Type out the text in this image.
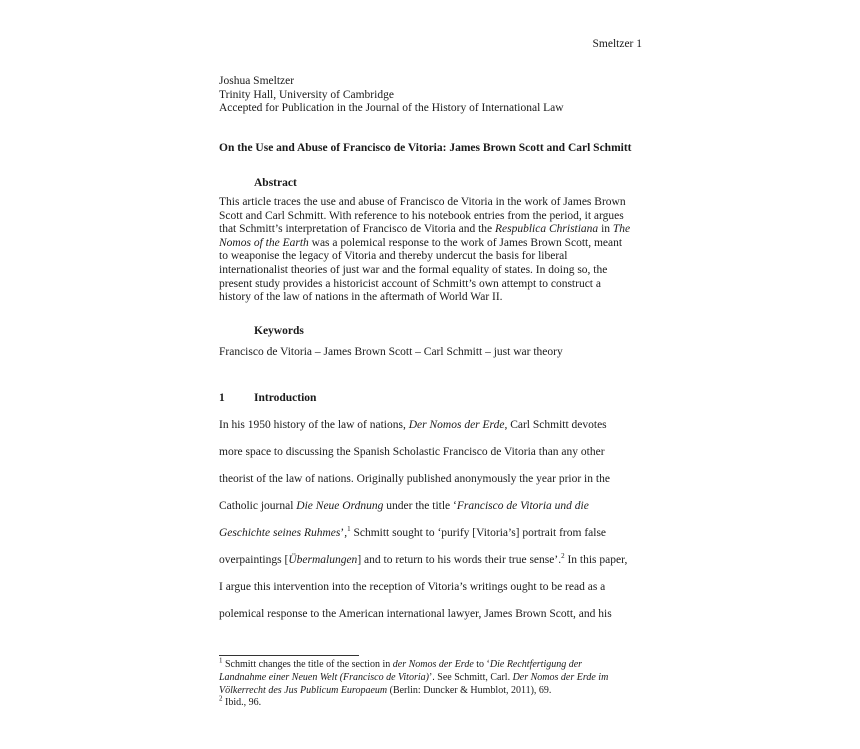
Smeltzer 1
Joshua Smeltzer
Trinity Hall, University of Cambridge
Accepted for Publication in the Journal of the History of International Law
On the Use and Abuse of Francisco de Vitoria: James Brown Scott and Carl Schmitt
Abstract
This article traces the use and abuse of Francisco de Vitoria in the work of James Brown
Scott and Carl Schmitt. With reference to his notebook entries from the period, it argues
that Schmitt’s interpretation of Francisco de Vitoria and the Respublica Christiana in The
Nomos of the Earth was a polemical response to the work of James Brown Scott, meant
to weaponise the legacy of Vitoria and thereby undercut the basis for liberal
internationalist theories of just war and the formal equality of states. In doing so, the
present study provides a historicist account of Schmitt’s own attempt to construct a
history of the law of nations in the aftermath of World War II.
Keywords
Francisco de Vitoria – James Brown Scott – Carl Schmitt – just war theory
1	Introduction
In his 1950 history of the law of nations, Der Nomos der Erde, Carl Schmitt devotes
more space to discussing the Spanish Scholastic Francisco de Vitoria than any other
theorist of the law of nations. Originally published anonymously the year prior in the
Catholic journal Die Neue Ordnung under the title ‘Francisco de Vitoria und die
Geschichte seines Ruhmes’,$^1$ Schmitt sought to ‘purify [Vitoria’s] portrait from false
overpaintings [Übermalungen] and to return to his words their true sense’.$^2$ In this paper,
I argue this intervention into the reception of Vitoria’s writings ought to be read as a
polemical response to the American international lawyer, James Brown Scott, and his
$^1$ Schmitt changes the title of the section in der Nomos der Erde to ‘Die Rechtfertigung der
Landnahme einer Neuen Welt (Francisco de Vitoria)’. See Schmitt, Carl. Der Nomos der Erde im
Völkerrecht des Jus Publicum Europaeum (Berlin: Duncker & Humblot, 2011), 69.
$^2$ Ibid., 96.
